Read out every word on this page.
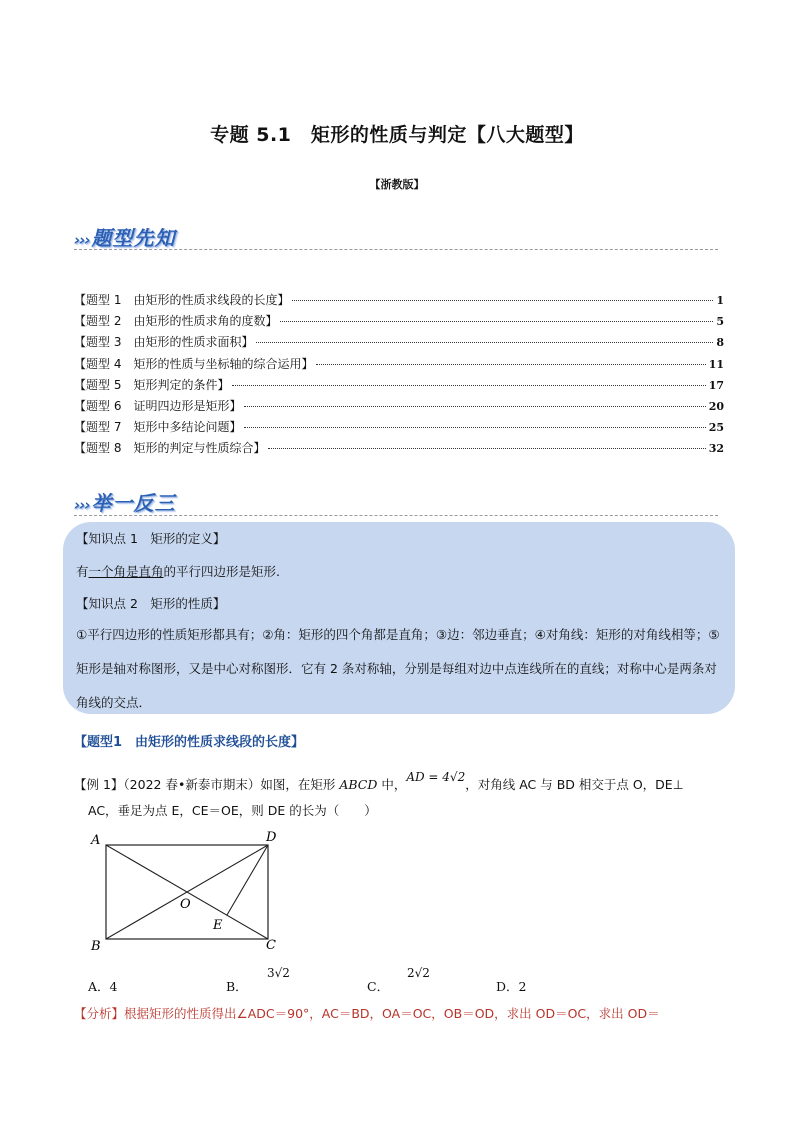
专题 5.1　矩形的性质与判定【八大题型】
【浙教版】
››› 题型先知
【题型 1　由矩形的性质求线段的长度】	1
【题型 2　由矩形的性质求角的度数】	5
【题型 3　由矩形的性质求面积】	8
【题型 4　矩形的性质与坐标轴的综合运用】	11
【题型 5　矩形判定的条件】	17
【题型 6　证明四边形是矩形】	20
【题型 7　矩形中多结论问题】	25
【题型 8　矩形的判定与性质综合】	32
››› 举一反三
【知识点 1　矩形的定义】
有一个角是直角的平行四边形是矩形.
【知识点 2　矩形的性质】
①平行四边形的性质矩形都具有；②角：矩形的四个角都是直角；③边：邻边垂直；④对角线：矩形的对角线相等；⑤矩形是轴对称图形，又是中心对称图形．它有 2 条对称轴，分别是每组对边中点连线所在的直线；对称中心是两条对角线的交点．
【题型1　由矩形的性质求线段的长度】
【例 1】（2022 春•新泰市期末）如图，在矩形 ABCD 中，AD = 4√2，对角线 AC 与 BD 相交于点 O，DE⊥
AC，垂足为点 E，CE＝OE，则 DE 的长为（　　）
A	D
B	C
O
E
A．4	B．
3√2
C．
2√2
D．2
【分析】根据矩形的性质得出∠ADC＝90°，AC＝BD，OA＝OC，OB＝OD，求出 OD＝OC，求出 OD＝
